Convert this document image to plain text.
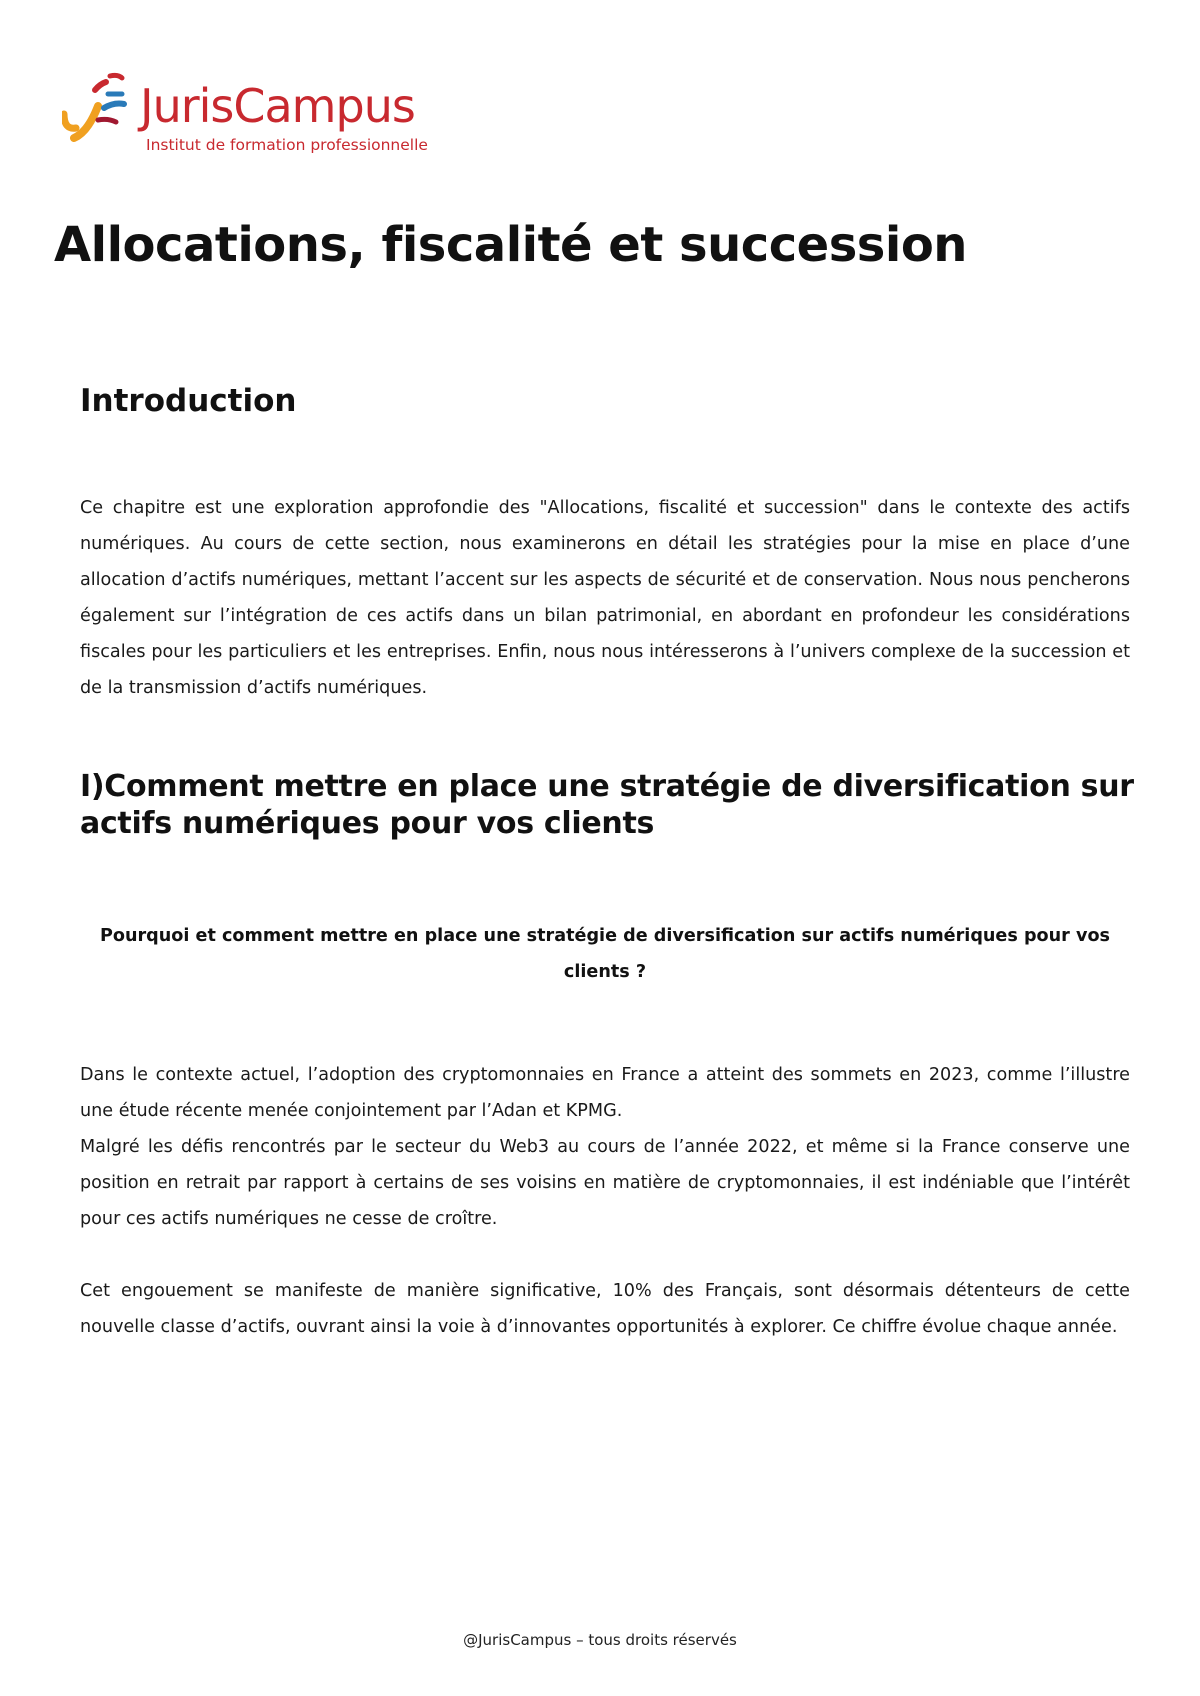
JurisCampus
Institut de formation professionnelle
Allocations, fiscalité et succession
Introduction

Ce chapitre est une exploration approfondie des "Allocations, fiscalité et succession" dans le contexte des actifs numériques. Au cours de cette section, nous examinerons en détail les stratégies pour la mise en place d’une allocation d’actifs numériques, mettant l’accent sur les aspects de sécurité et de conservation. Nous nous pencherons également sur l’intégration de ces actifs dans un bilan patrimonial, en abordant en profondeur les considérations fiscales pour les particuliers et les entreprises. Enfin, nous nous intéresserons à l’univers complexe de la succession et de la transmission d’actifs numériques.

I)Comment mettre en place une stratégie de diversification sur actifs numériques pour vos clients

Pourquoi et comment mettre en place une stratégie de diversification sur actifs numériques pour vos clients ?

Dans le contexte actuel, l’adoption des cryptomonnaies en France a atteint des sommets en 2023, comme l’illustre une étude récente menée conjointement par l’Adan et KPMG.

Malgré les défis rencontrés par le secteur du Web3 au cours de l’année 2022, et même si la France conserve une position en retrait par rapport à certains de ses voisins en matière de cryptomonnaies, il est indéniable que l’intérêt pour ces actifs numériques ne cesse de croître.

Cet engouement se manifeste de manière significative, 10% des Français, sont désormais détenteurs de cette nouvelle classe d’actifs, ouvrant ainsi la voie à d’innovantes opportunités à explorer. Ce chiffre évolue chaque année.

@JurisCampus – tous droits réservés
